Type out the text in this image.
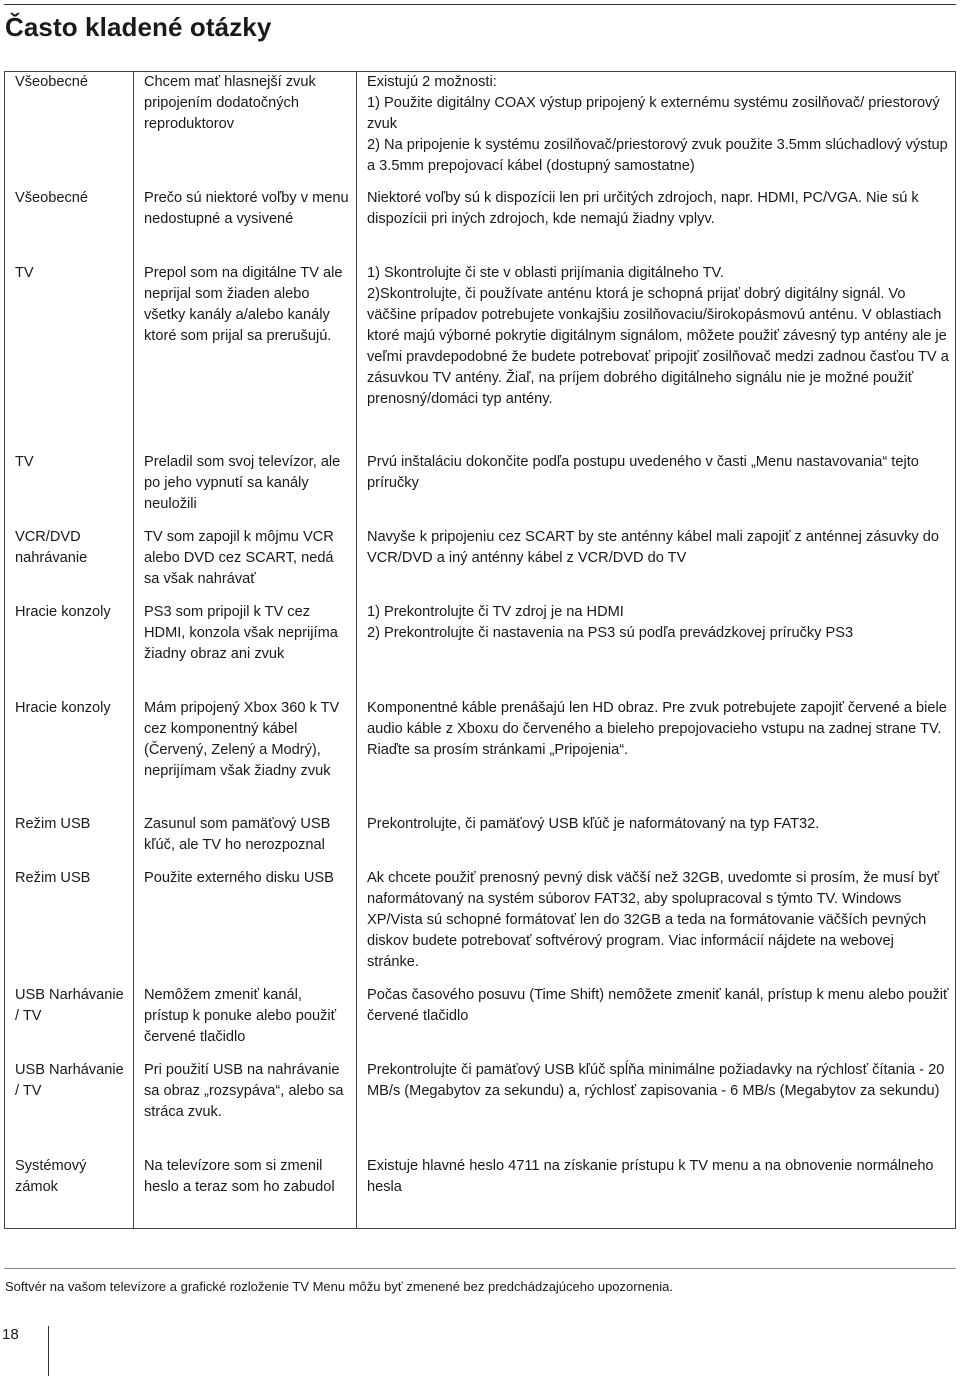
Často kladené otázky
Všeobecné	Chcem mať hlasnejší zvuk pripojením dodatočných reproduktorov	Existujú 2 možnosti:
1) Použite digitálny COAX výstup pripojený k externému systému zosilňovač/ priestorový zvuk
2) Na pripojenie k systému zosilňovač/priestorový zvuk použite 3.5mm slúchadlový výstup a 3.5mm prepojovací kábel (dostupný samostatne)
Všeobecné	Prečo sú niektoré voľby v menu nedostupné a vysivené	Niektoré voľby sú k dispozícii len pri určitých zdrojoch, napr. HDMI, PC/VGA. Nie sú k dispozícii pri iných zdrojoch, kde nemajú žiadny vplyv.
TV	Prepol som na digitálne TV ale neprijal som žiaden alebo všetky kanály a/alebo kanály ktoré som prijal sa prerušujú.	1) Skontrolujte či ste v oblasti prijímania digitálneho TV.
2)Skontrolujte, či používate anténu ktorá je schopná prijať dobrý digitálny signál. Vo väčšine prípadov potrebujete vonkajšiu zosilňovaciu/širokopásmovú anténu. V oblastiach ktoré majú výborné pokrytie digitálnym signálom, môžete použiť závesný typ antény ale je veľmi pravdepodobné že budete potrebovať pripojiť zosilňovač medzi zadnou časťou TV a zásuvkou TV antény. Žiaľ, na príjem dobrého digitálneho signálu nie je možné použiť prenosný/domáci typ antény.
TV	Preladil som svoj televízor, ale po jeho vypnutí sa kanály neuložili	Prvú inštaláciu dokončite podľa postupu uvedeného v časti „Menu nastavovania“ tejto príručky
VCR/DVD nahrávanie	TV som zapojil k môjmu VCR alebo DVD cez SCART, nedá sa však nahrávať	Navyše k pripojeniu cez SCART by ste anténny kábel mali zapojiť z anténnej zásuvky do VCR/DVD a iný anténny kábel z VCR/DVD do TV
Hracie konzoly	PS3 som pripojil k TV cez HDMI, konzola však neprijíma žiadny obraz ani zvuk	1) Prekontrolujte či TV zdroj je na HDMI
2) Prekontrolujte či nastavenia na PS3 sú podľa prevádzkovej príručky PS3
Hracie konzoly	Mám pripojený Xbox 360 k TV cez komponentný kábel (Červený, Zelený a Modrý), neprijímam však žiadny zvuk	Komponentné káble prenášajú len HD obraz. Pre zvuk potrebujete zapojiť červené a biele audio káble z Xboxu do červeného a bieleho prepojovacieho vstupu na zadnej strane TV. Riaďte sa prosím stránkami „Pripojenia“.
Režim USB	Zasunul som pamäťový USB kľúč, ale TV ho nerozpoznal	Prekontrolujte, či pamäťový USB kľúč je naformátovaný na typ FAT32.
Režim USB	Použite externého disku USB	Ak chcete použiť prenosný pevný disk väčší než 32GB, uvedomte si prosím, že musí byť naformátovaný na systém súborov FAT32, aby spolupracoval s týmto TV. Windows XP/Vista sú schopné formátovať len do 32GB a teda na formátovanie väčších pevných diskov budete potrebovať softvérový program. Viac informácií nájdete na webovej stránke.
USB Narhávanie / TV	Nemôžem zmeniť kanál, prístup k ponuke alebo použiť červené tlačidlo	Počas časového posuvu (Time Shift) nemôžete zmeniť kanál, prístup k menu alebo použiť červené tlačidlo
USB Narhávanie / TV	Pri použití USB na nahrávanie sa obraz „rozsypáva“, alebo sa stráca zvuk.	Prekontrolujte či pamäťový USB kľúč spĺňa minimálne požiadavky na rýchlosť čítania - 20 MB/s (Megabytov za sekundu) a, rýchlosť zapisovania - 6 MB/s (Megabytov za sekundu)
Systémový zámok	Na televízore som si zmenil heslo a teraz som ho zabudol	Existuje hlavné heslo 4711 na získanie prístupu k TV menu a na obnovenie normálneho hesla
Softvér na vašom televízore a grafické rozloženie TV Menu môžu byť zmenené bez predchádzajúceho upozornenia.
18
